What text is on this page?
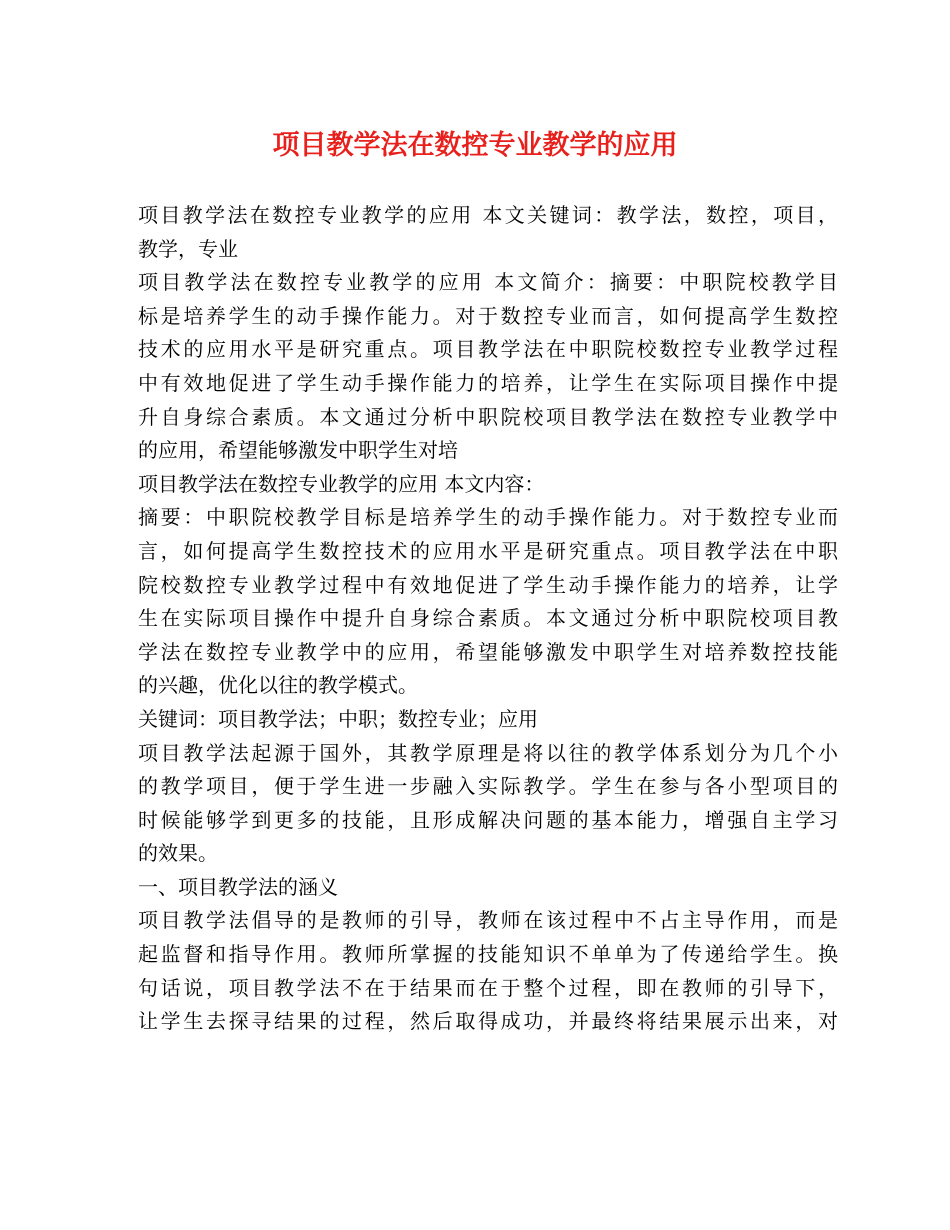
项目教学法在数控专业教学的应用
项目教学法在数控专业教学的应用 本文关键词：教学法，数控，项目，
教学，专业
项目教学法在数控专业教学的应用 本文简介：摘要：中职院校教学目
标是培养学生的动手操作能力。对于数控专业而言，如何提高学生数控
技术的应用水平是研究重点。项目教学法在中职院校数控专业教学过程
中有效地促进了学生动手操作能力的培养，让学生在实际项目操作中提
升自身综合素质。本文通过分析中职院校项目教学法在数控专业教学中
的应用，希望能够激发中职学生对培
项目教学法在数控专业教学的应用 本文内容：
摘要：中职院校教学目标是培养学生的动手操作能力。对于数控专业而
言，如何提高学生数控技术的应用水平是研究重点。项目教学法在中职
院校数控专业教学过程中有效地促进了学生动手操作能力的培养，让学
生在实际项目操作中提升自身综合素质。本文通过分析中职院校项目教
学法在数控专业教学中的应用，希望能够激发中职学生对培养数控技能
的兴趣，优化以往的教学模式。
关键词：项目教学法；中职；数控专业；应用
项目教学法起源于国外，其教学原理是将以往的教学体系划分为几个小
的教学项目，便于学生进一步融入实际教学。学生在参与各小型项目的
时候能够学到更多的技能，且形成解决问题的基本能力，增强自主学习
的效果。
一、项目教学法的涵义
项目教学法倡导的是教师的引导，教师在该过程中不占主导作用，而是
起监督和指导作用。教师所掌握的技能知识不单单为了传递给学生。换
句话说，项目教学法不在于结果而在于整个过程，即在教师的引导下，
让学生去探寻结果的过程，然后取得成功，并最终将结果展示出来，对
